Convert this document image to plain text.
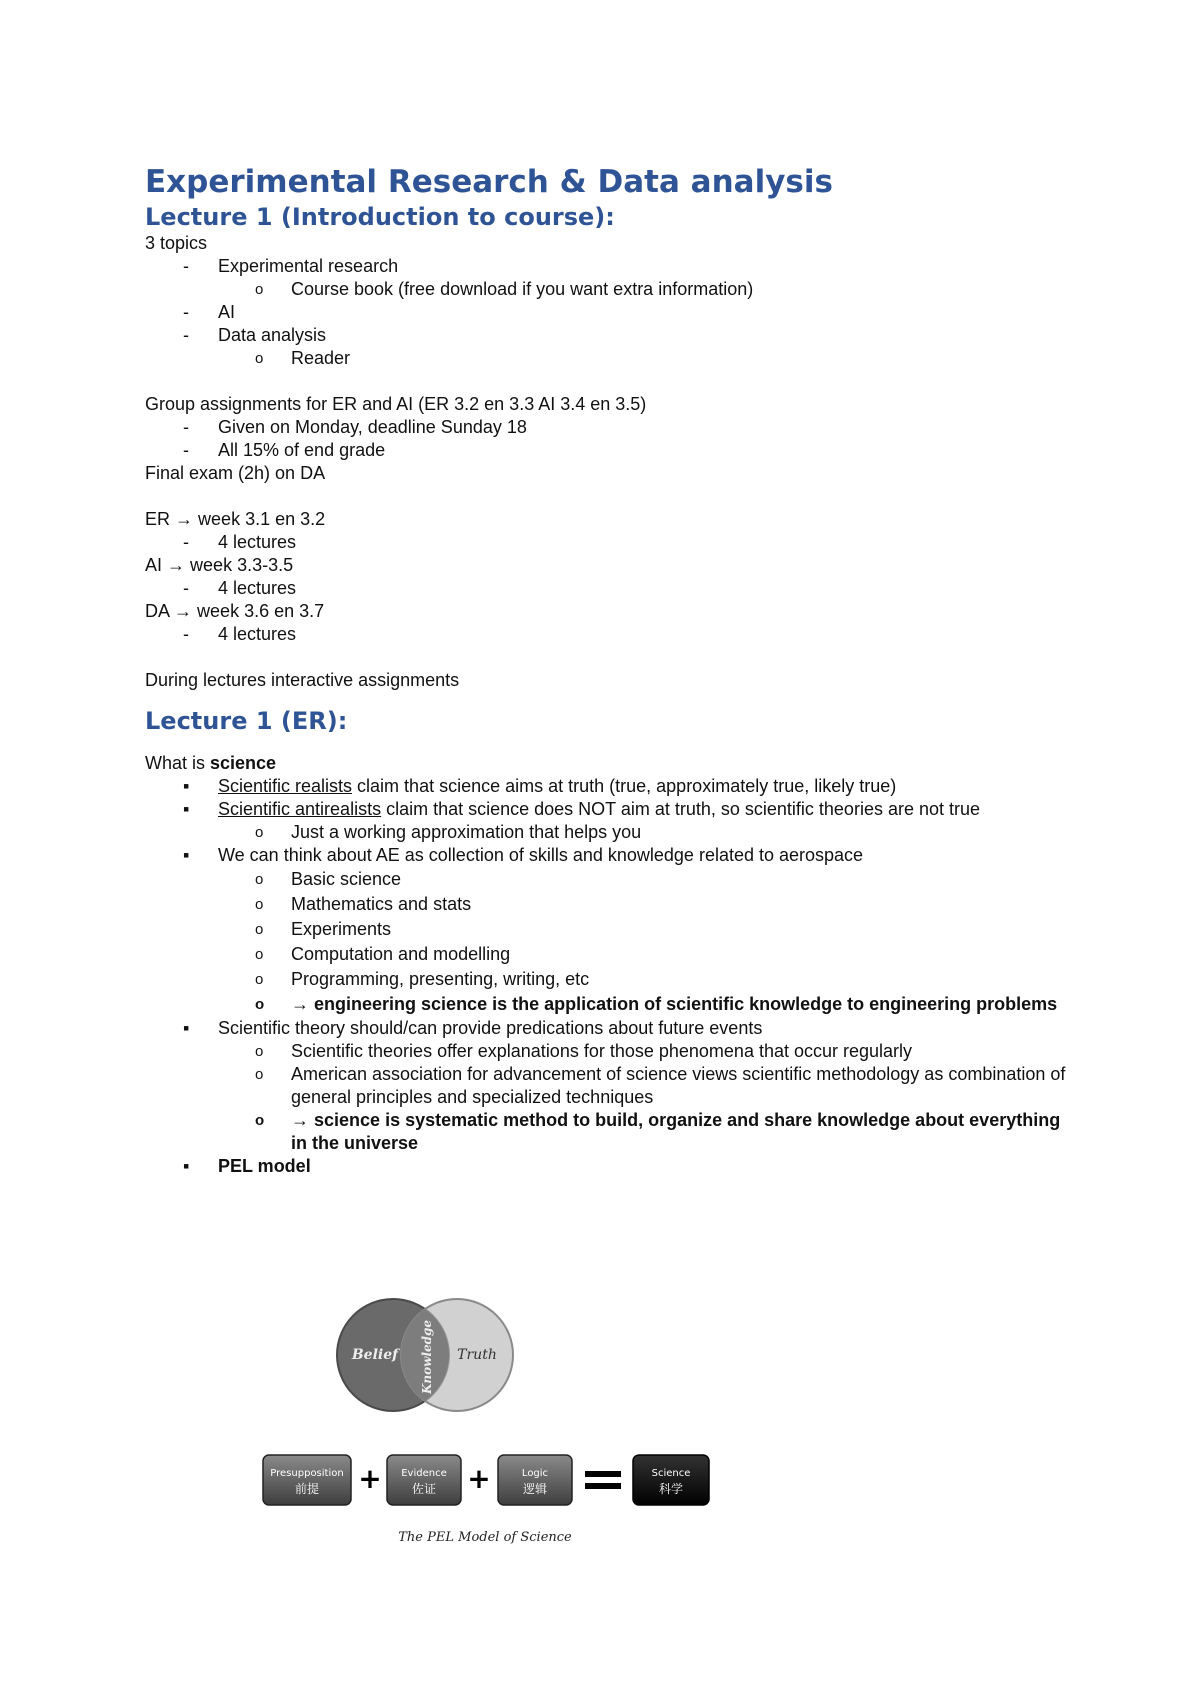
Experimental Research & Data analysis
Lecture 1 (Introduction to course):

3 topics

- Experimental research
o Course book (free download if you want extra information)
- AI
- Data analysis
o Reader

Group assignments for ER and AI (ER 3.2 en 3.3 AI 3.4 en 3.5)

- Given on Monday, deadline Sunday 18
- All 15% of end grade

Final exam (2h) on DA

ER → week 3.1 en 3.2

- 4 lectures

AI → week 3.3-3.5

- 4 lectures

DA → week 3.6 en 3.7

- 4 lectures

During lectures interactive assignments

Lecture 1 (ER):

What is science

▪ Scientific realists claim that science aims at truth (true, approximately true, likely true)
▪ Scientific antirealists claim that science does NOT aim at truth, so scientific theories are not true
o Just a working approximation that helps you
▪ We can think about AE as collection of skills and knowledge related to aerospace
o Basic science
o Mathematics and stats
o Experiments
o Computation and modelling
o Programming, presenting, writing, etc
o → engineering science is the application of scientific knowledge to engineering problems
▪ Scientific theory should/can provide predications about future events
o Scientific theories offer explanations for those phenomena that occur regularly
o American association for advancement of science views scientific methodology as combination of general principles and specialized techniques
o → science is systematic method to build, organize and share knowledge about everything in the universe
▪ PEL model
Belief	Truth
Knowledge
Presupposition
前提 + Evidence
佐证 +	Logic
逻辑
Science
科学
The PEL Model of Science
